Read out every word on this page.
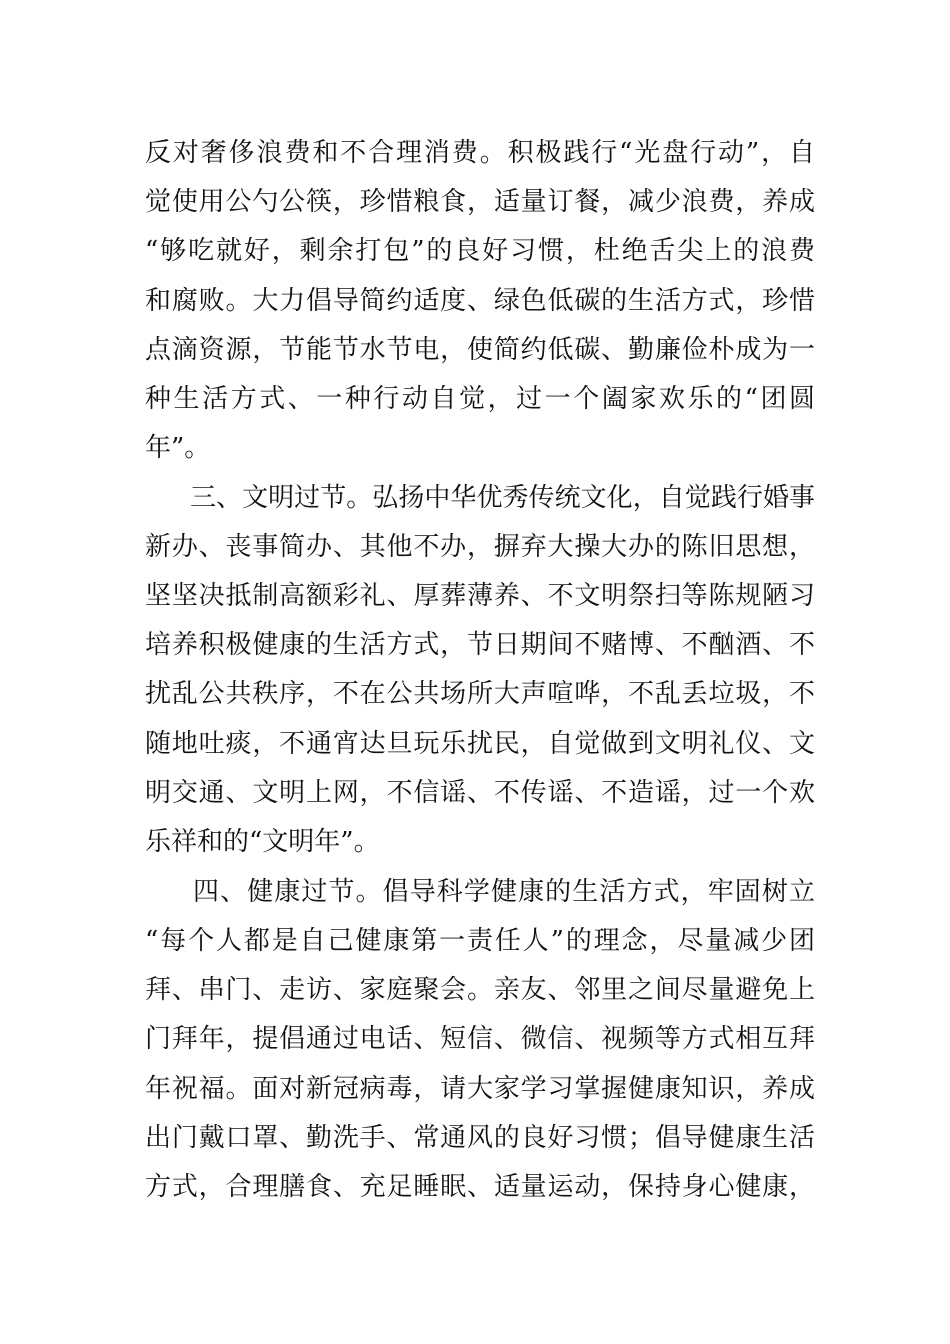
反对奢侈浪费和不合理消费。积极践行“光盘行动”，自

觉使用公勺公筷，珍惜粮食，适量订餐，减少浪费，养成

“够吃就好，剩余打包”的良好习惯，杜绝舌尖上的浪费

和腐败。大力倡导简约适度、绿色低碳的生活方式，珍惜

点滴资源，节能节水节电，使简约低碳、勤廉俭朴成为一

种生活方式、一种行动自觉，过一个阖家欢乐的“团圆

年”。

三、文明过节。弘扬中华优秀传统文化，自觉践行婚事

新办、丧事简办、其他不办，摒弃大操大办的陈旧思想，

坚坚决抵制高额彩礼、厚葬薄养、不文明祭扫等陈规陋习

培养积极健康的生活方式，节日期间不赌博、不酗酒、不

扰乱公共秩序，不在公共场所大声喧哗，不乱丢垃圾，不

随地吐痰，不通宵达旦玩乐扰民，自觉做到文明礼仪、文

明交通、文明上网，不信谣、不传谣、不造谣，过一个欢

乐祥和的“文明年”。

四、健康过节。倡导科学健康的生活方式，牢固树立

“每个人都是自己健康第一责任人”的理念，尽量减少团

拜、串门、走访、家庭聚会。亲友、邻里之间尽量避免上

门拜年，提倡通过电话、短信、微信、视频等方式相互拜

年祝福。面对新冠病毒，请大家学习掌握健康知识，养成

出门戴口罩、勤洗手、常通风的良好习惯；倡导健康生活

方式，合理膳食、充足睡眠、适量运动，保持身心健康，
